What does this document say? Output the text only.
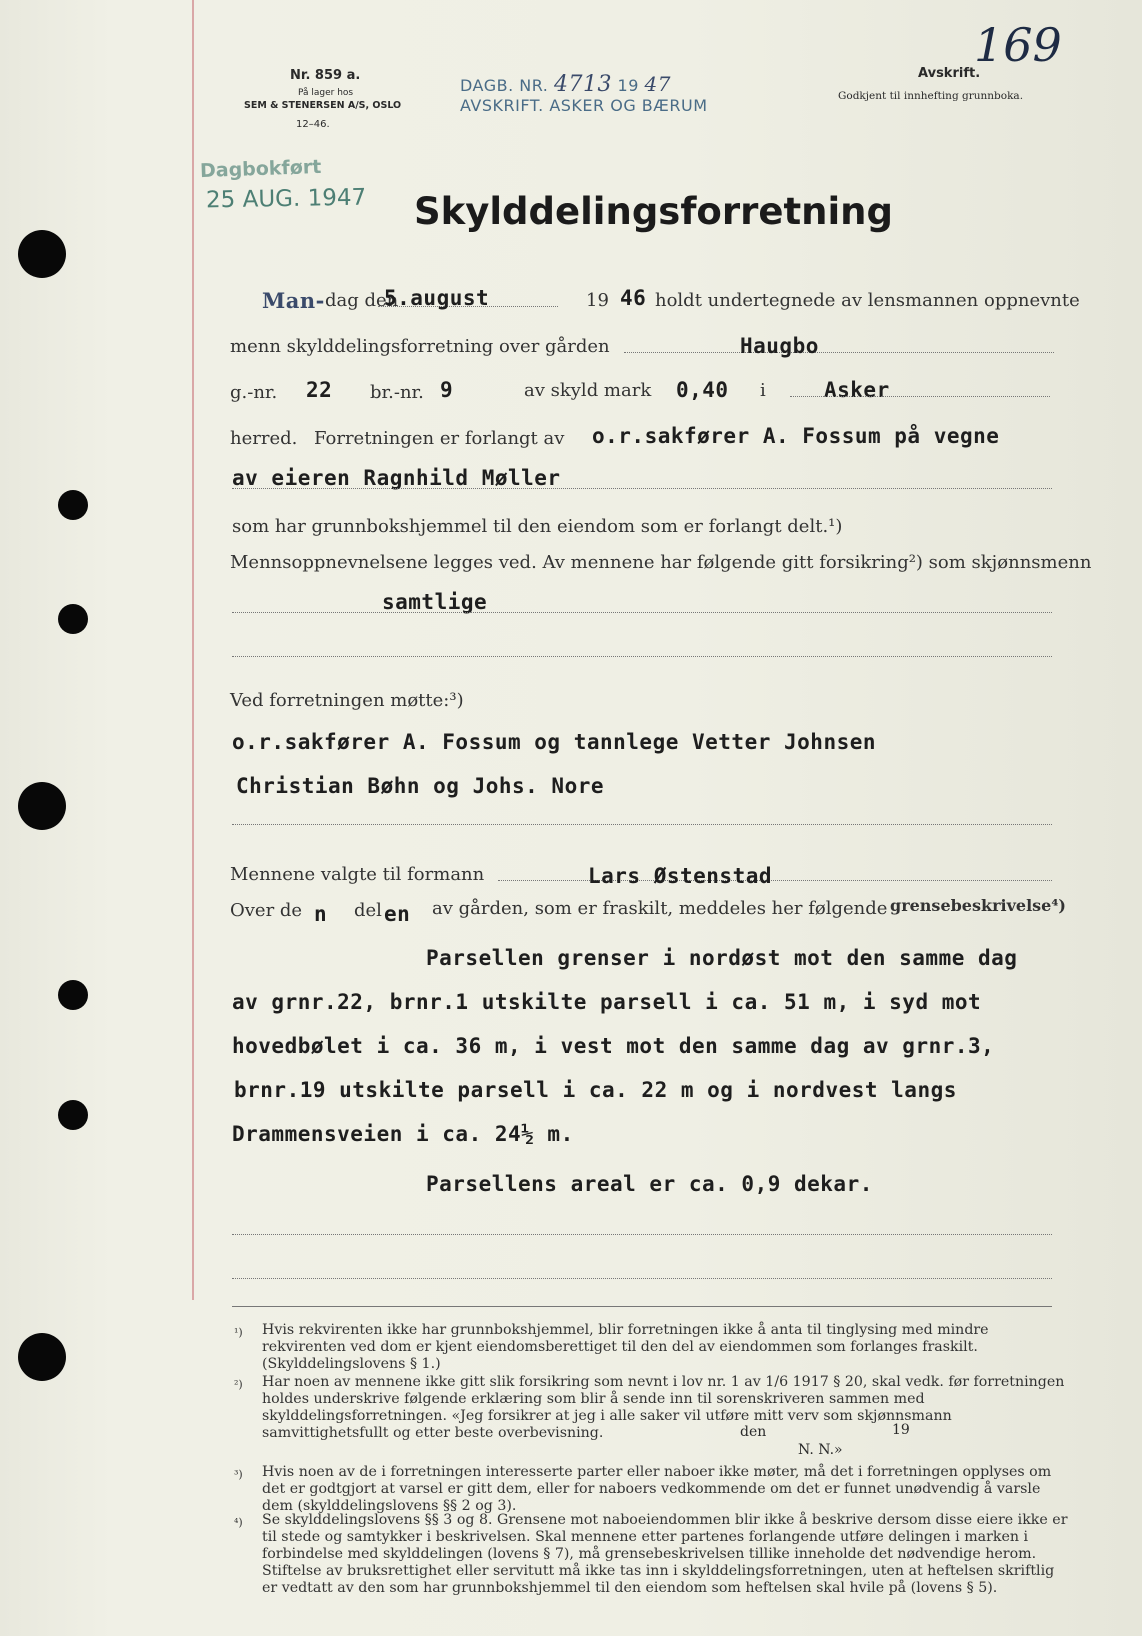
Nr. 859 a.
På lager hos
SEM & STENERSEN A/S, OSLO
12–46.
DAGB. NR. 4713 19 47
AVSKRIFT. ASKER OG BÆRUM
Avskrift.
Godkjent til innhefting grunnboka.
169
Dagbokført
25 AUG. 1947 Skylddelingsforretning
Man- dag den
5.august	19 46 holdt undertegnede av lensmannen oppnevnte
menn skylddelingsforretning over gården	Haugbo
g.-nr. 22 br.-nr. 9	av skyld mark 0,40 i	Asker
herred. Forretningen er forlangt av o.r.sakfører A. Fossum på vegne
av eieren Ragnhild Møller
som har grunnbokshjemmel til den eiendom som er forlangt delt.¹)
Mennsoppnevnelsene legges ved. Av mennene har følgende gitt forsikring²) som skjønnsmenn
samtlige
Ved forretningen møtte:³)
o.r.sakfører A. Fossum og tannlege Vetter Johnsen
Christian Bøhn og Johs. Nore
Mennene valgte til formann	Lars Østenstad
Over de n del en av gården, som er fraskilt, meddeles her følgende grensebeskrivelse⁴)
Parsellen grenser i nordøst mot den samme dag
av grnr.22, brnr.1 utskilte parsell i ca. 51 m, i syd mot
hovedbølet i ca. 36 m, i vest mot den samme dag av grnr.3,
brnr.19 utskilte parsell i ca. 22 m og i nordvest langs
Drammensveien i ca. 24½ m.
Parsellens areal er ca. 0,9 dekar.
¹) Hvis rekvirenten ikke har grunnbokshjemmel, blir forretningen ikke å anta til tinglysing med mindre rekvirenten ved dom er kjent eiendomsberettiget til den del av eiendommen som forlanges fraskilt. (Skylddelingslovens § 1.)
²) Har noen av mennene ikke gitt slik forsikring som nevnt i lov nr. 1 av 1/6 1917 § 20, skal vedk. før forretningen holdes underskrive følgende erklæring som blir å sende inn til sorenskriveren sammen med skylddelingsforretningen. «Jeg forsikrer at jeg i alle saker vil utføre mitt verv som skjønnsmann samvittighetsfullt og etter beste overbevisning.	den	19
N. N.»
³) Hvis noen av de i forretningen interesserte parter eller naboer ikke møter, må det i forretningen opplyses om det er godtgjort at varsel er gitt dem, eller for naboers vedkommende om det er funnet unødvendig å varsle dem (skylddelingslovens §§ 2 og 3).
⁴) Se skylddelingslovens §§ 3 og 8. Grensene mot naboeiendommen blir ikke å beskrive dersom disse eiere ikke er til stede og samtykker i beskrivelsen. Skal mennene etter partenes forlangende utføre delingen i marken i forbindelse med skylddelingen (lovens § 7), må grensebeskrivelsen tillike inneholde det nødvendige herom. Stiftelse av bruksrettighet eller servitutt må ikke tas inn i skylddelingsforretningen, uten at heftelsen skriftlig er vedtatt av den som har grunnbokshjemmel til den eiendom som heftelsen skal hvile på (lovens § 5).
